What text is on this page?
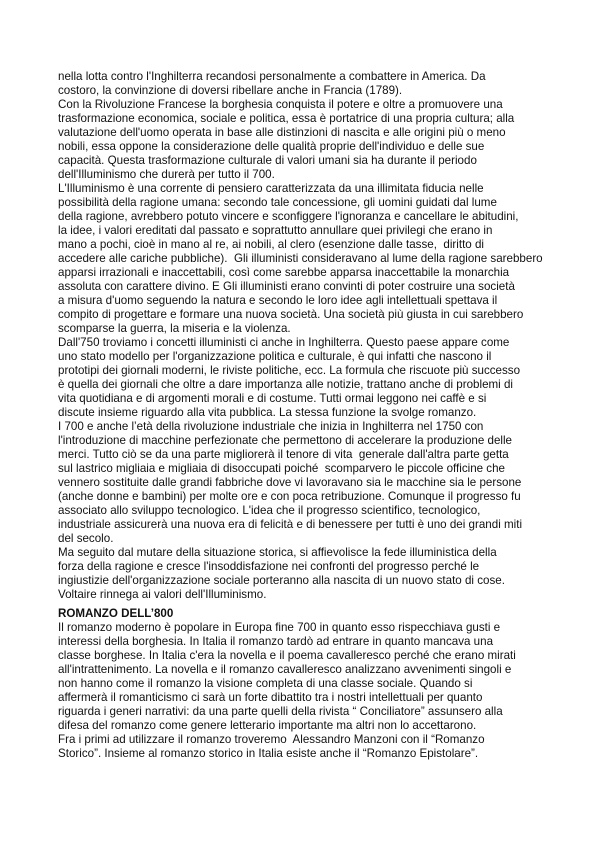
nella lotta contro l'Inghilterra recandosi personalmente a combattere in America. Da
costoro, la convinzione di doversi ribellare anche in Francia (1789).
Con la Rivoluzione Francese la borghesia conquista il potere e oltre a promuovere una
trasformazione economica, sociale e politica, essa è portatrice di una propria cultura; alla
valutazione dell'uomo operata in base alle distinzioni di nascita e alle origini più o meno
nobili, essa oppone la considerazione delle qualità proprie dell'individuo e delle sue
capacità. Questa trasformazione culturale di valori umani sia ha durante il periodo
dell'Illuminismo che durerà per tutto il 700.
L'Illuminismo è una corrente di pensiero caratterizzata da una illimitata fiducia nelle
possibilità della ragione umana: secondo tale concessione, gli uomini guidati dal lume
della ragione, avrebbero potuto vincere e sconfiggere l'ignoranza e cancellare le abitudini,
la idee, i valori ereditati dal passato e soprattutto annullare quei privilegi che erano in
mano a pochi, cioè in mano al re, ai nobili, al clero (esenzione dalle tasse,  diritto di
accedere alle cariche pubbliche).  Gli illuministi consideravano al lume della ragione sarebbero
apparsi irrazionali e inaccettabili, così come sarebbe apparsa inaccettabile la monarchia
assoluta con carattere divino. E Gli illuministi erano convinti di poter costruire una società
a misura d'uomo seguendo la natura e secondo le loro idee agli intellettuali spettava il
compito di progettare e formare una nuova società. Una società più giusta in cui sarebbero
scomparse la guerra, la miseria e la violenza.
Dall'750 troviamo i concetti illuministi ci anche in Inghilterra. Questo paese appare come
uno stato modello per l'organizzazione politica e culturale, è qui infatti che nascono il
prototipi dei giornali moderni, le riviste politiche, ecc. La formula che riscuote più successo
è quella dei giornali che oltre a dare importanza alle notizie, trattano anche di problemi di
vita quotidiana e di argomenti morali e di costume. Tutti ormai leggono nei caffè e si
discute insieme riguardo alla vita pubblica. La stessa funzione la svolge romanzo.
I 700 e anche l’età della rivoluzione industriale che inizia in Inghilterra nel 1750 con
l'introduzione di macchine perfezionate che permettono di accelerare la produzione delle
merci. Tutto ciò se da una parte migliorerà il tenore di vita  generale dall'altra parte getta
sul lastrico migliaia e migliaia di disoccupati poiché  scomparvero le piccole officine che
vennero sostituite dalle grandi fabbriche dove vi lavoravano sia le macchine sia le persone
(anche donne e bambini) per molte ore e con poca retribuzione. Comunque il progresso fu
associato allo sviluppo tecnologico. L'idea che il progresso scientifico, tecnologico,
industriale assicurerà una nuova era di felicità e di benessere per tutti è uno dei grandi miti
del secolo.
Ma seguito dal mutare della situazione storica, si affievolisce la fede illuministica della
forza della ragione e cresce l'insoddisfazione nei confronti del progresso perché le
ingiustizie dell'organizzazione sociale porteranno alla nascita di un nuovo stato di cose.
Voltaire rinnega ai valori dell'Illuminismo.
ROMANZO DELL’800
Il romanzo moderno è popolare in Europa fine 700 in quanto esso rispecchiava gusti e
interessi della borghesia. In Italia il romanzo tardò ad entrare in quanto mancava una
classe borghese. In Italia c'era la novella e il poema cavalleresco perché che erano mirati
all'intrattenimento. La novella e il romanzo cavalleresco analizzano avvenimenti singoli e
non hanno come il romanzo la visione completa di una classe sociale. Quando si
affermerà il romanticismo ci sarà un forte dibattito tra i nostri intellettuali per quanto
riguarda i generi narrativi: da una parte quelli della rivista “ Conciliatore” assunsero alla
difesa del romanzo come genere letterario importante ma altri non lo accettarono.
Fra i primi ad utilizzare il romanzo troveremo  Alessandro Manzoni con il “Romanzo
Storico”. Insieme al romanzo storico in Italia esiste anche il “Romanzo Epistolare”.
